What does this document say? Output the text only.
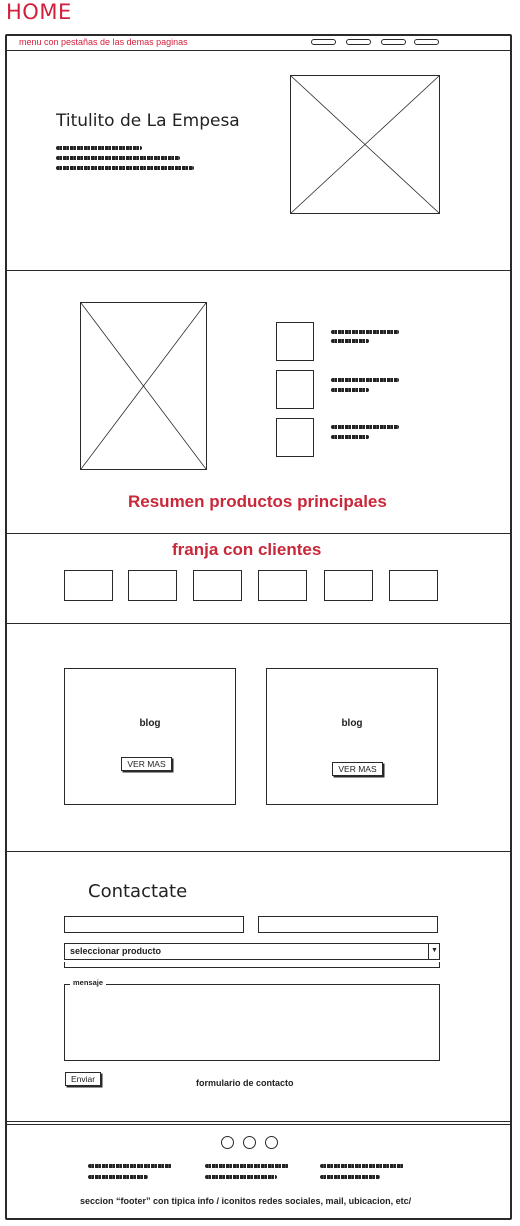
HOME
menu con pestañas de las demas paginas
Titulito de La Empesa
Resumen productos principales
franja con clientes
blog
VER MAS
blog
VER MAS
Contactate
seleccionar producto	▼
mensaje
Enviar	formulario de contacto
seccion “footer” con tipica info / iconitos redes sociales, mail, ubicacion, etc/
